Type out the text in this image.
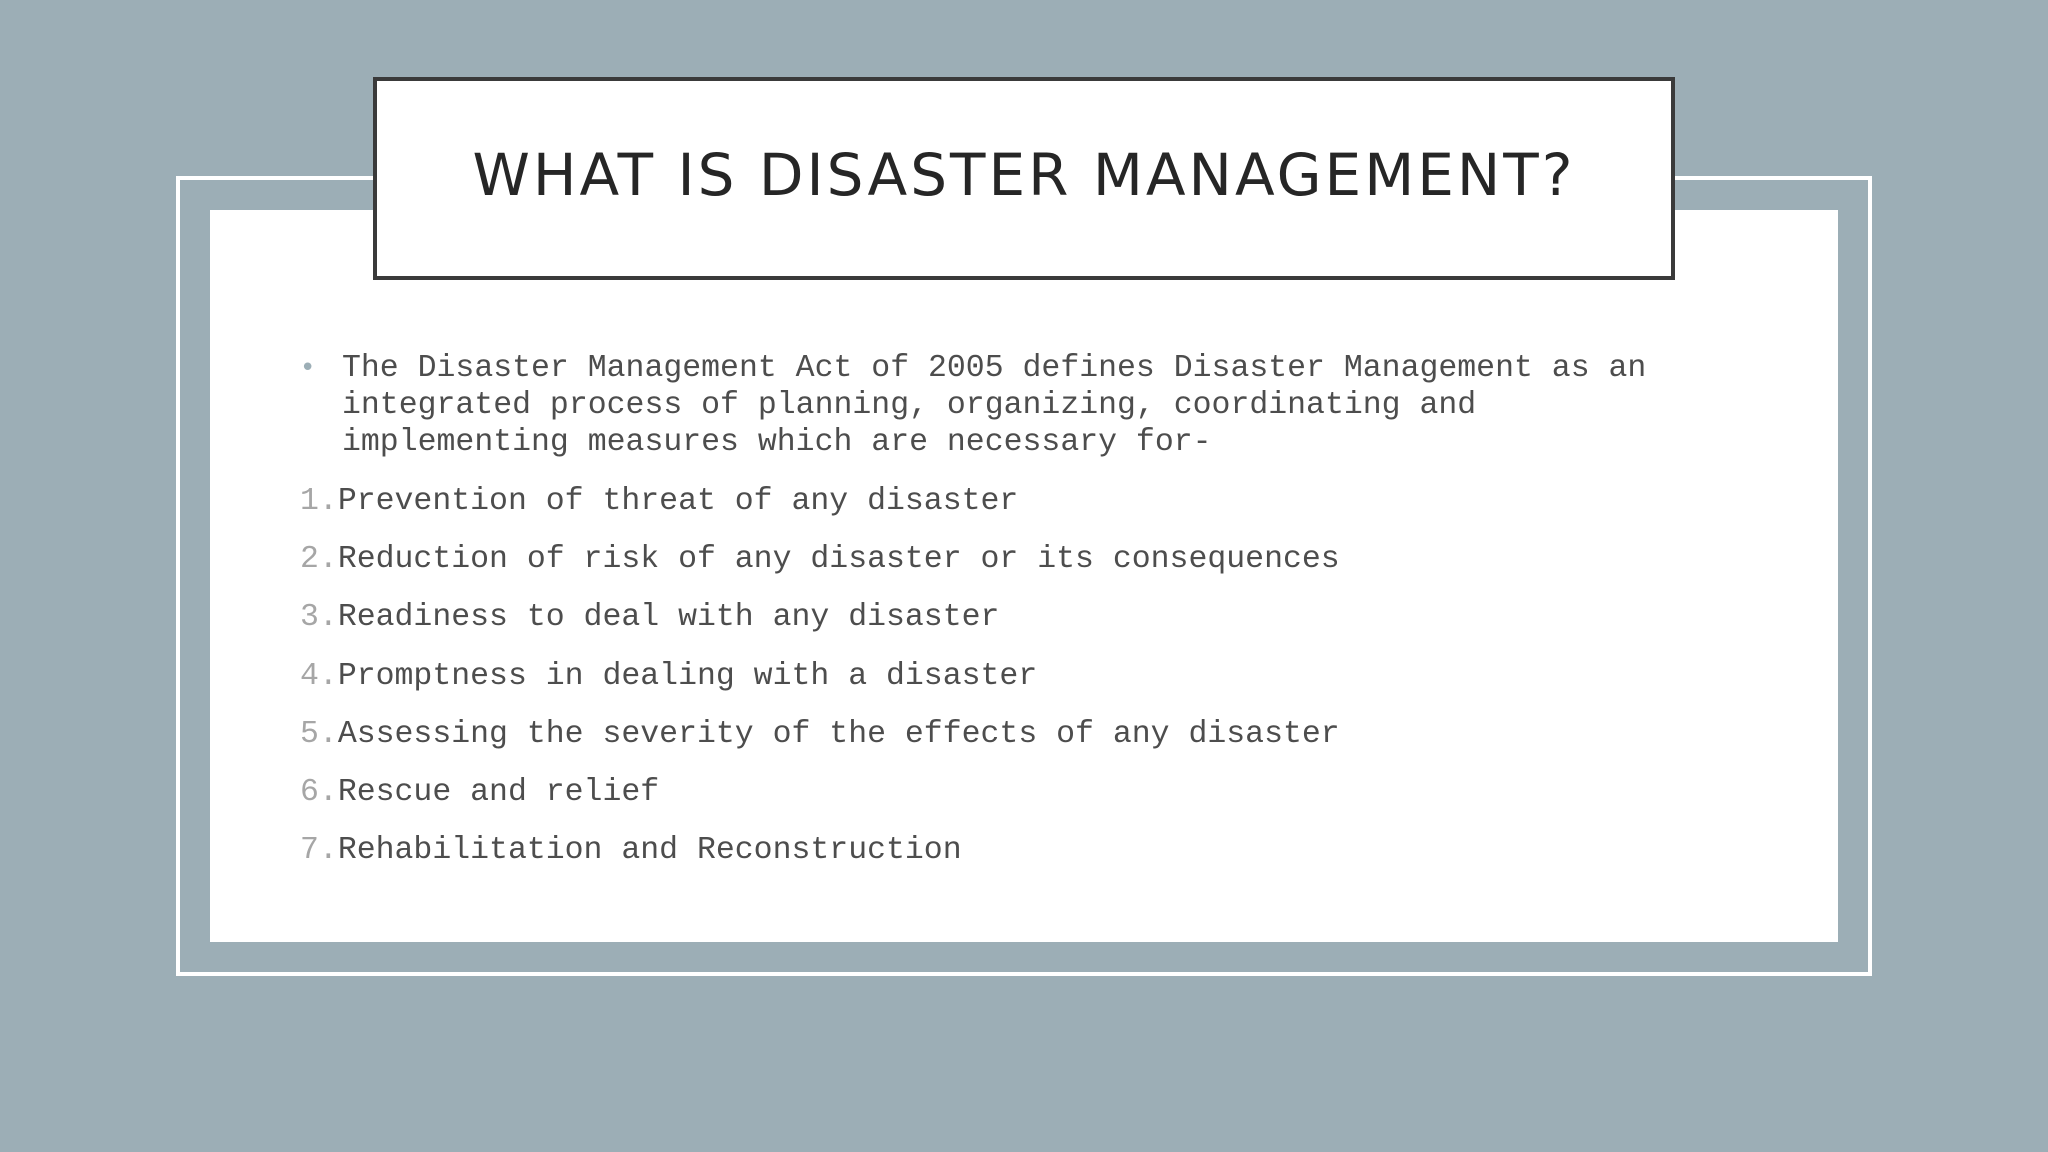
WHAT IS DISASTER MANAGEMENT?
• The Disaster Management Act of 2005 defines Disaster Management as an integrated process of planning, organizing, coordinating and implementing measures which are necessary for-
1. Prevention of threat of any disaster
2. Reduction of risk of any disaster or its consequences
3. Readiness to deal with any disaster
4. Promptness in dealing with a disaster
5. Assessing the severity of the effects of any disaster
6. Rescue and relief
7. Rehabilitation and Reconstruction
